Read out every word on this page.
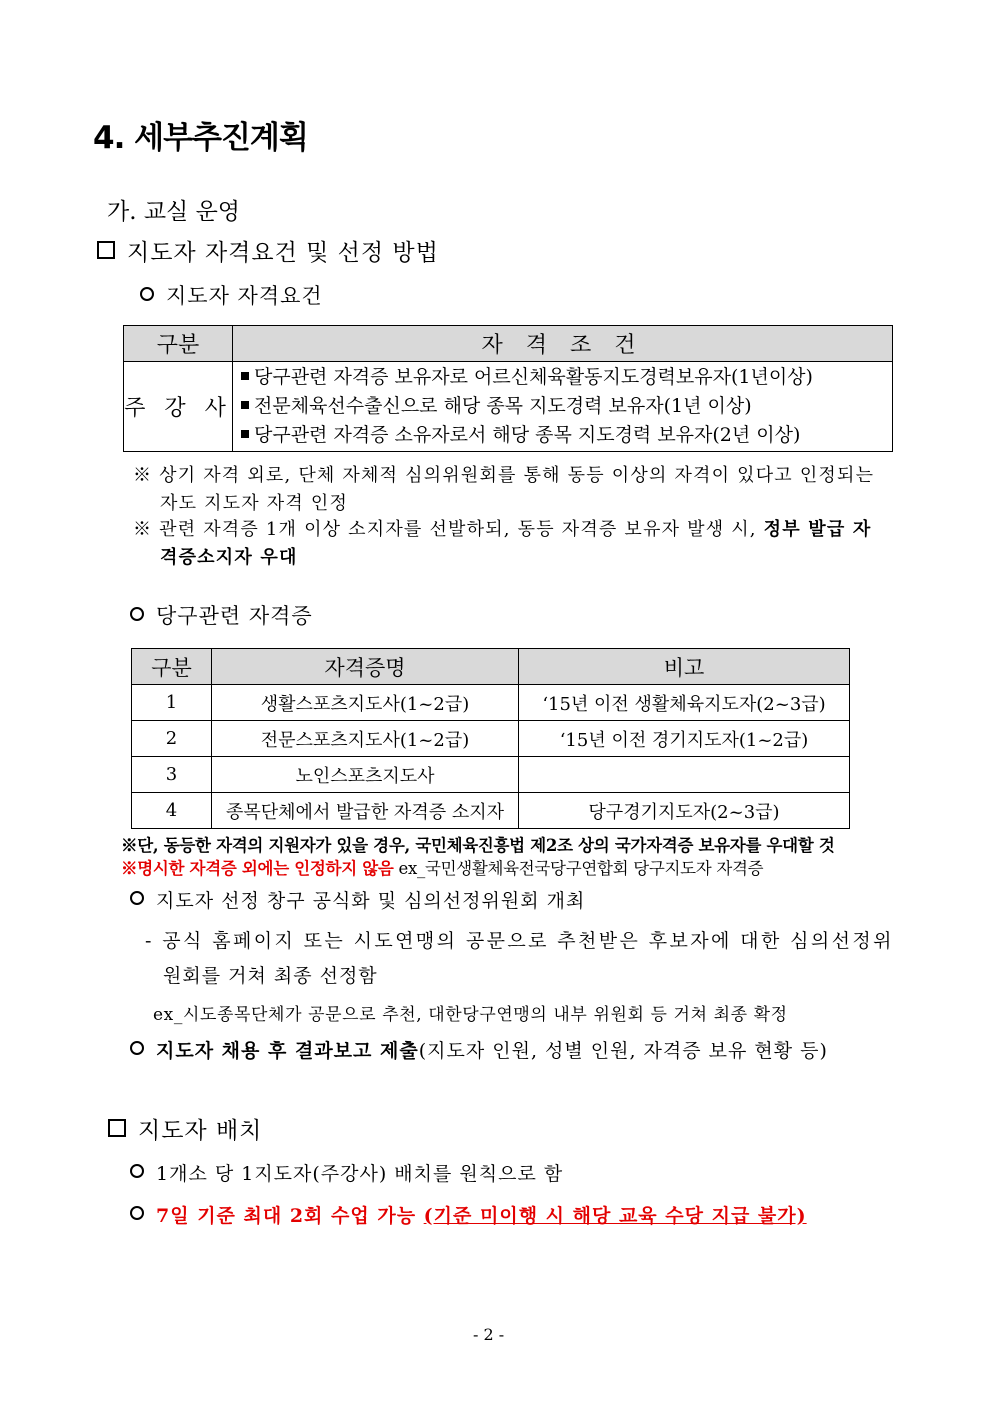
4. 세부추진계획
가. 교실 운영
지도자 자격요건 및 선정 방법
지도자 자격요건
구분	자 격 조 건
주 강 사	당구관련 자격증 보유자로 어르신체육활동지도경력보유자(1년이상)
전문체육선수출신으로 해당 종목 지도경력 보유자(1년 이상)
당구관련 자격증 소유자로서 해당 종목 지도경력 보유자(2년 이상)
※ 상기 자격 외로, 단체 자체적 심의위원회를 통해 동등 이상의 자격이 있다고 인정되는
자도 지도자 자격 인정
※ 관련 자격증 1개 이상 소지자를 선발하되, 동등 자격증 보유자 발생 시, 정부 발급 자
격증소지자 우대
당구관련 자격증
구분	자격증명	비고
1	생활스포츠지도사(1~2급)	‘15년 이전 생활체육지도자(2~3급)
2	전문스포츠지도사(1~2급)	‘15년 이전 경기지도자(1~2급)
3	노인스포츠지도사	
4	종목단체에서 발급한 자격증 소지자	당구경기지도자(2~3급)
※단, 동등한 자격의 지원자가 있을 경우, 국민체육진흥법 제2조 상의 국가자격증 보유자를 우대할 것
※명시한 자격증 외에는 인정하지 않음 ex_국민생활체육전국당구연합회 당구지도자 자격증
지도자 선정 창구 공식화 및 심의선정위원회 개최
- 공식 홈페이지 또는 시도연맹의 공문으로 추천받은 후보자에 대한 심의선정위
원회를 거쳐 최종 선정함
ex_시도종목단체가 공문으로 추천, 대한당구연맹의 내부 위원회 등 거쳐 최종 확정
지도자 채용 후 결과보고 제출(지도자 인원, 성별 인원, 자격증 보유 현황 등)
지도자 배치
1개소 당 1지도자(주강사) 배치를 원칙으로 함
7일 기준 최대 2회 수업 가능 (기준 미이행 시 해당 교육 수당 지급 불가)
- 2 -
